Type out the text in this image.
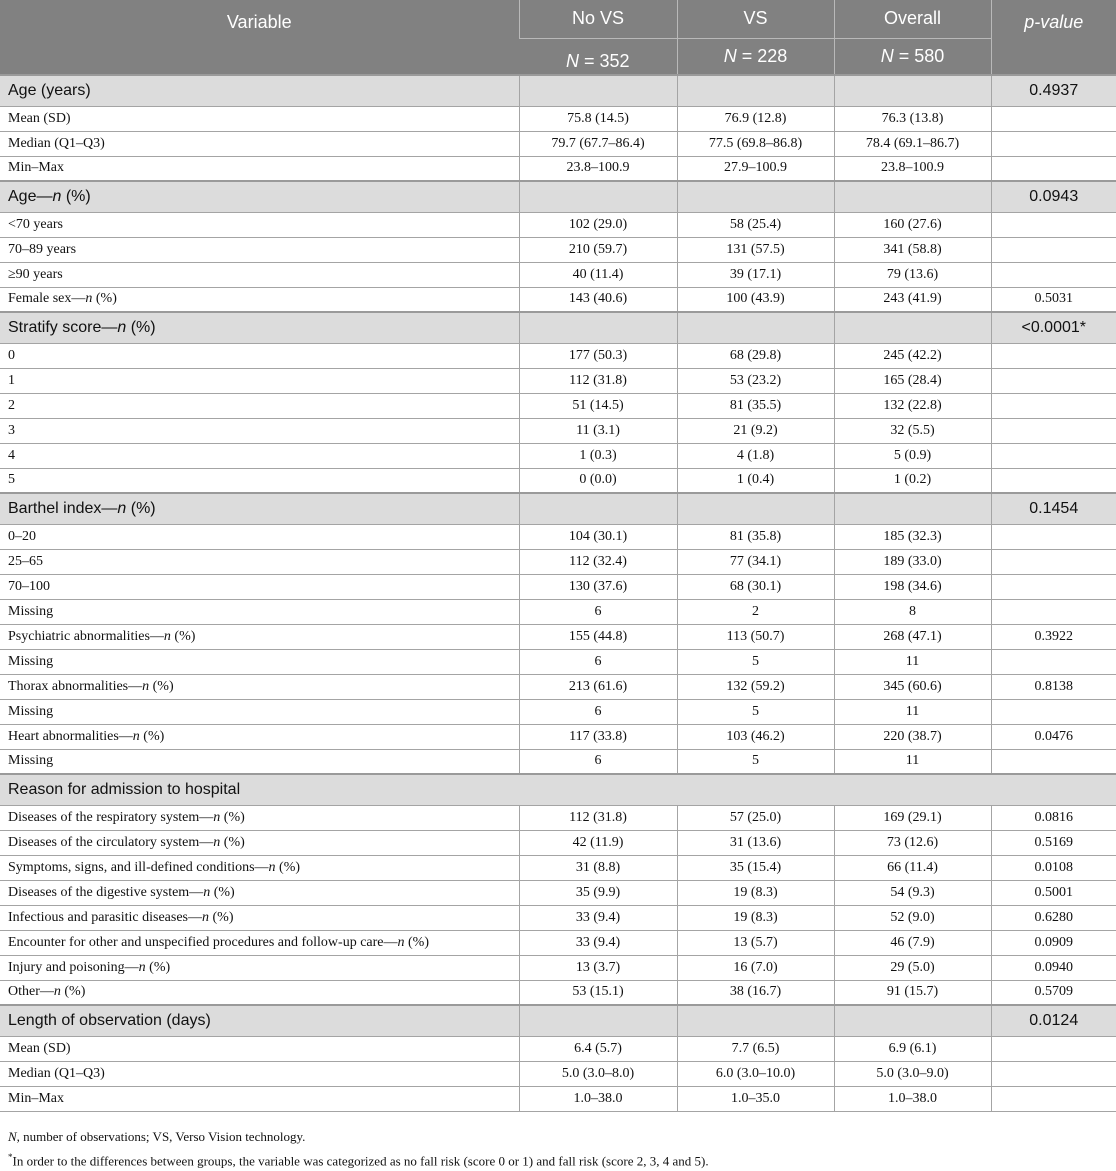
Variable	No VS	VS	Overall	p-value
	N = 352	N = 228	N = 580	
Age (years)				0.4937
Mean (SD)	75.8 (14.5)	76.9 (12.8)	76.3 (13.8)	
Median (Q1–Q3)	79.7 (67.7–86.4)	77.5 (69.8–86.8)	78.4 (69.1–86.7)	
Min–Max	23.8–100.9	27.9–100.9	23.8–100.9	
Age—n (%)				0.0943
<70 years	102 (29.0)	58 (25.4)	160 (27.6)	
70–89 years	210 (59.7)	131 (57.5)	341 (58.8)	
≥90 years	40 (11.4)	39 (17.1)	79 (13.6)	
Female sex—n (%)	143 (40.6)	100 (43.9)	243 (41.9)	0.5031
Stratify score—n (%)				<0.0001*
0	177 (50.3)	68 (29.8)	245 (42.2)	
1	112 (31.8)	53 (23.2)	165 (28.4)	
2	51 (14.5)	81 (35.5)	132 (22.8)	
3	11 (3.1)	21 (9.2)	32 (5.5)	
4	1 (0.3)	4 (1.8)	5 (0.9)	
5	0 (0.0)	1 (0.4)	1 (0.2)	
Barthel index—n (%)				0.1454
0–20	104 (30.1)	81 (35.8)	185 (32.3)	
25–65	112 (32.4)	77 (34.1)	189 (33.0)	
70–100	130 (37.6)	68 (30.1)	198 (34.6)	
Missing	6	2	8	
Psychiatric abnormalities—n (%)	155 (44.8)	113 (50.7)	268 (47.1)	0.3922
Missing	6	5	11	
Thorax abnormalities—n (%)	213 (61.6)	132 (59.2)	345 (60.6)	0.8138
Missing	6	5	11	
Heart abnormalities—n (%)	117 (33.8)	103 (46.2)	220 (38.7)	0.0476
Missing	6	5	11	
Reason for admission to hospital				
Diseases of the respiratory system—n (%)	112 (31.8)	57 (25.0)	169 (29.1)	0.0816
Diseases of the circulatory system—n (%)	42 (11.9)	31 (13.6)	73 (12.6)	0.5169
Symptoms, signs, and ill-defined conditions—n (%)	31 (8.8)	35 (15.4)	66 (11.4)	0.0108
Diseases of the digestive system—n (%)	35 (9.9)	19 (8.3)	54 (9.3)	0.5001
Infectious and parasitic diseases—n (%)	33 (9.4)	19 (8.3)	52 (9.0)	0.6280
Encounter for other and unspecified procedures and follow-up care—n (%)	33 (9.4)	13 (5.7)	46 (7.9)	0.0909
Injury and poisoning—n (%)	13 (3.7)	16 (7.0)	29 (5.0)	0.0940
Other—n (%)	53 (15.1)	38 (16.7)	91 (15.7)	0.5709
Length of observation (days)				0.0124
Mean (SD)	6.4 (5.7)	7.7 (6.5)	6.9 (6.1)	
Median (Q1–Q3)	5.0 (3.0–8.0)	6.0 (3.0–10.0)	5.0 (3.0–9.0)	
Min–Max	1.0–38.0	1.0–35.0	1.0–38.0	
N, number of observations; VS, Verso Vision technology.
*In order to the differences between groups, the variable was categorized as no fall risk (score 0 or 1) and fall risk (score 2, 3, 4 and 5).
